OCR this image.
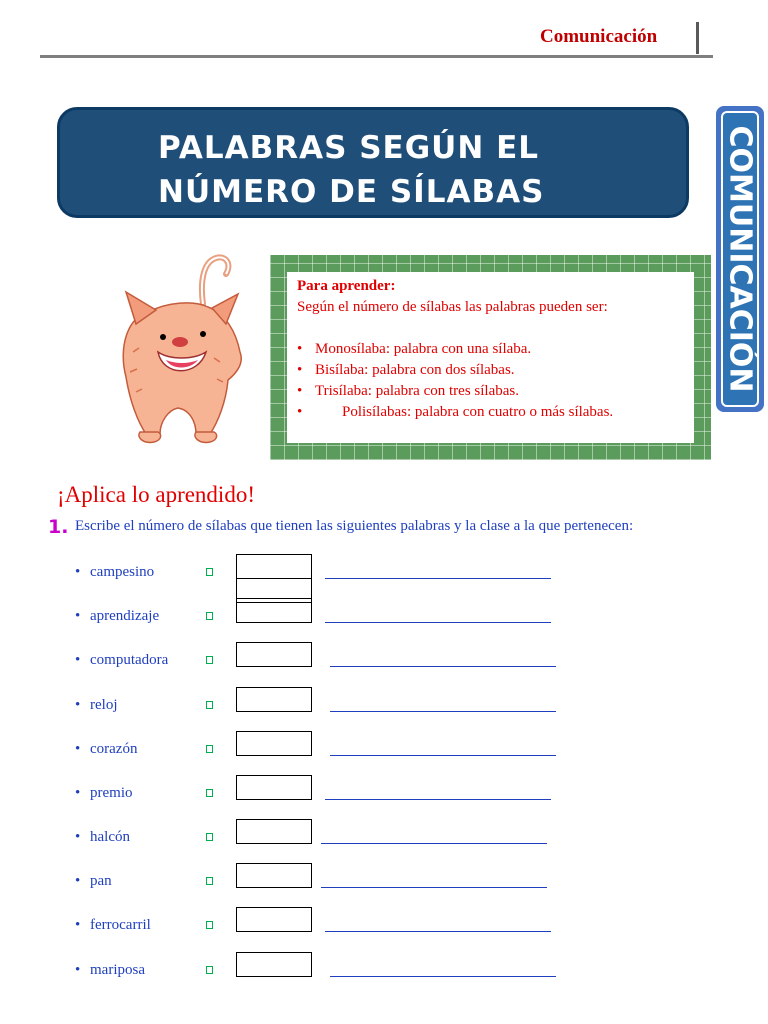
Comunicación
COMUNICACIÓN
PALABRAS SEGÚN EL
NÚMERO DE SÍLABAS
Para aprender:
Según el número de sílabas las palabras pueden ser:
• Monosílaba: palabra con una sílaba.
• Bisílaba: palabra con dos sílabas.
• Trisílaba: palabra con tres sílabas.
• Polisílabas: palabra con cuatro o más sílabas.
¡Aplica lo aprendido!
1. Escribe el número de sílabas que tienen las siguientes palabras y la clase a la que pertenecen:
• campesino
• aprendizaje
• computadora
• reloj
• corazón
• premio
• halcón
• pan
• ferrocarril
• mariposa
